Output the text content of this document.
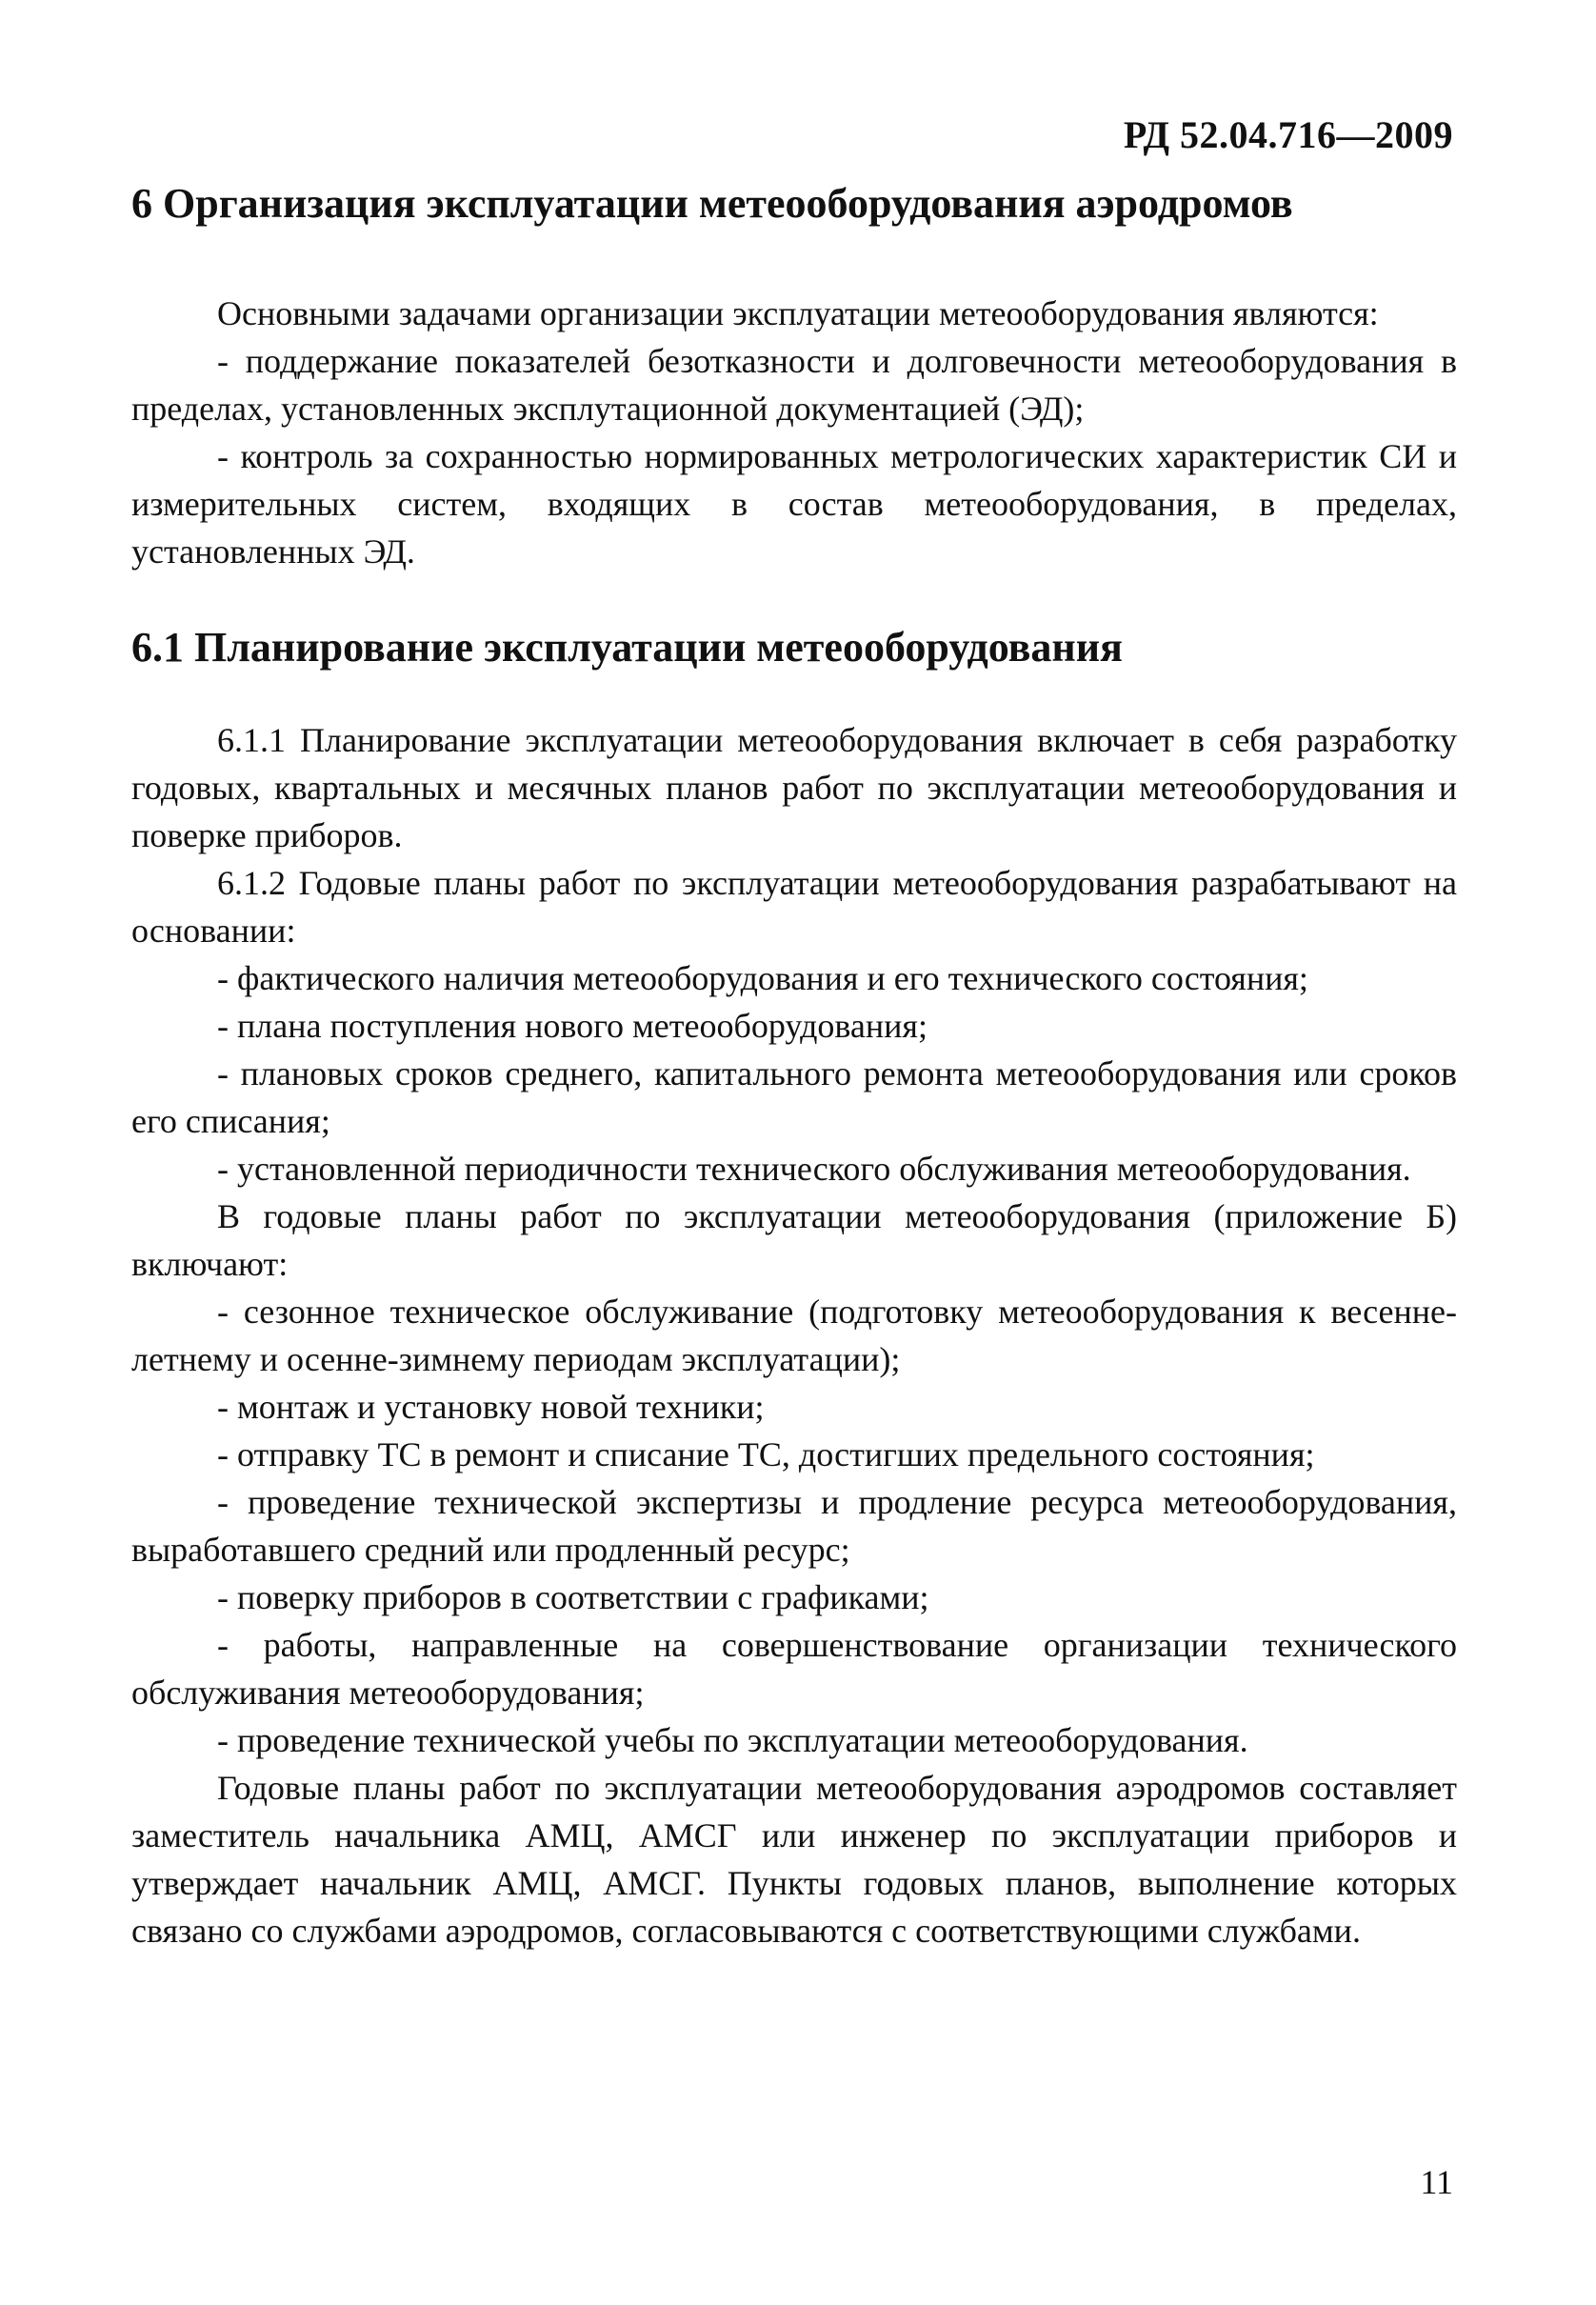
РД 52.04.716—2009
6 Организация эксплуатации метеооборудования аэродромов

Основными задачами организации эксплуатации метеооборудования являются:

- поддержание показателей безотказности и долговечности метеооборудования в пределах, установленных эксплутационной документацией (ЭД);

- контроль за сохранностью нормированных метрологических характеристик СИ и измерительных систем, входящих в состав метеооборудования, в пределах, установленных ЭД.

6.1 Планирование эксплуатации метеооборудования

6.1.1 Планирование эксплуатации метеооборудования включает в себя разработку годовых, квартальных и месячных планов работ по эксплуатации метеооборудования и поверке приборов.

6.1.2 Годовые планы работ по эксплуатации метеооборудования разрабатывают на основании:

- фактического наличия метеооборудования и его технического состояния;

- плана поступления нового метеооборудования;

- плановых сроков среднего, капитального ремонта метеооборудования или сроков его списания;

- установленной периодичности технического обслуживания метеооборудования.

В годовые планы работ по эксплуатации метеооборудования (приложение Б) включают:

- сезонное техническое обслуживание (подготовку метеооборудования к весенне-летнему и осенне-зимнему периодам эксплуатации);

- монтаж и установку новой техники;

- отправку ТС в ремонт и списание ТС, достигших предельного состояния;

- проведение технической экспертизы и продление ресурса метеооборудования, выработавшего средний или продленный ресурс;

- поверку приборов в соответствии с графиками;

- работы, направленные на совершенствование организации технического обслуживания метеооборудования;

- проведение технической учебы по эксплуатации метеооборудования.

Годовые планы работ по эксплуатации метеооборудования аэродромов составляет заместитель начальника АМЦ, АМСГ или инженер по эксплуатации приборов и утверждает начальник АМЦ, АМСГ. Пункты годовых планов, выполнение которых связано со службами аэродромов, согласовываются с соответствующими службами.

11
